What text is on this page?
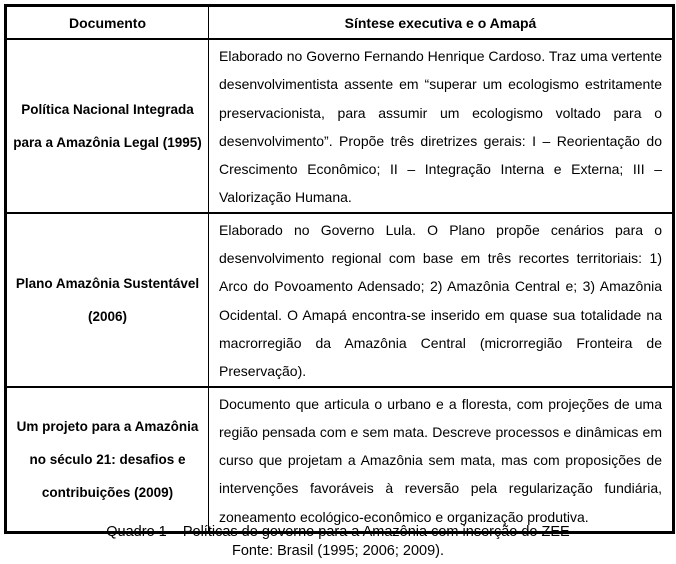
Documento	Síntese executiva e o Amapá

Política Nacional Integrada
para a Amazônia Legal (1995)	Elaborado no Governo Fernando Henrique Cardoso. Traz uma vertente desenvolvimentista assente em “superar um ecologismo estritamente preservacionista, para assumir um ecologismo voltado para o desenvolvimento”. Propõe três diretrizes gerais: I – Reorientação do Crescimento Econômico; II – Integração Interna e Externa; III – Valorização Humana.

Plano Amazônia Sustentável
(2006)	Elaborado no Governo Lula. O Plano propõe cenários para o desenvolvimento regional com base em três recortes territoriais: 1) Arco do Povoamento Adensado; 2) Amazônia Central e; 3) Amazônia Ocidental. O Amapá encontra-se inserido em quase sua totalidade na macrorregião da Amazônia Central (microrregião Fronteira de Preservação).

Um projeto para a Amazônia
no século 21: desafios e
contribuições (2009)
	Documento que articula o urbano e a floresta, com projeções de uma região pensada com e sem mata. Descreve processos e dinâmicas em curso que projetam a Amazônia sem mata, mas com proposições de intervenções favoráveis à reversão pela regularização fundiária, zoneamento ecológico-econômico e organização produtiva.
Quadro 1 – Políticas de governo para a Amazônia com inserção do ZEE
Fonte: Brasil (1995; 2006; 2009).
